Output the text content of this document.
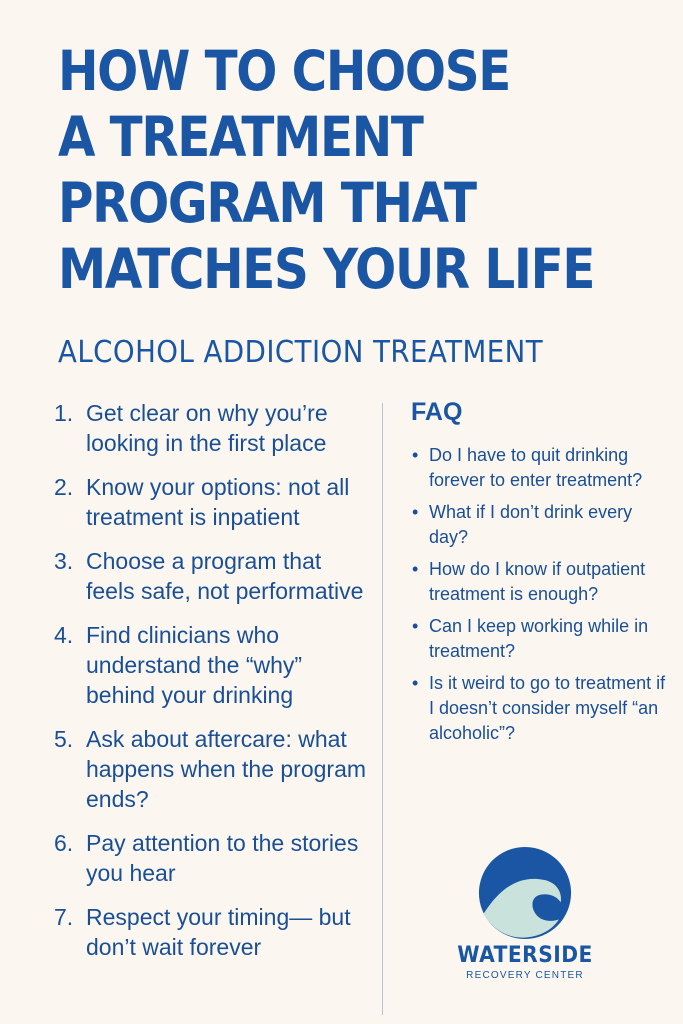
HOW TO CHOOSE
A TREATMENT
PROGRAM THAT
MATCHES YOUR LIFE
ALCOHOL ADDICTION TREATMENT
1. Get clear on why you’re looking in the first place
2. Know your options: not all treatment is inpatient
3. Choose a program that feels safe, not performative
4. Find clinicians who understand the “why” behind your drinking
5. Ask about aftercare: what happens when the program ends?
6. Pay attention to the stories you hear
7. Respect your timing— but don’t wait forever
FAQ
• Do I have to quit drinking forever to enter treatment?
• What if I don’t drink every day?
• How do I know if outpatient treatment is enough?
• Can I keep working while in treatment?
• Is it weird to go to treatment if I doesn’t consider myself “an alcoholic”?
WATERSIDE
RECOVERY CENTER
